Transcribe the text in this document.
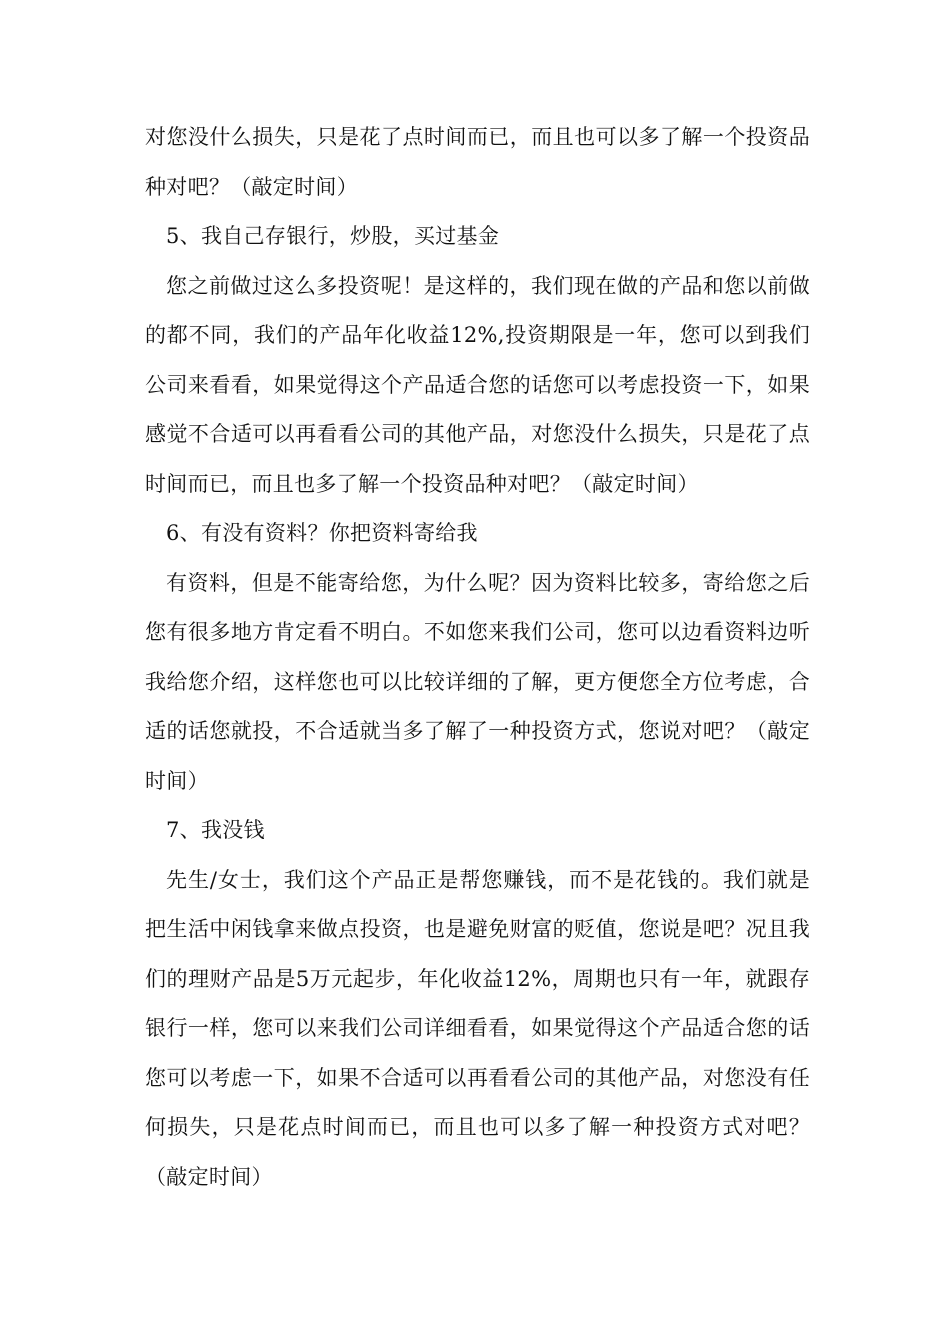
对您没什么损失，只是花了点时间而已，而且也可以多了解一个投资品种对吧？（敲定时间）

5、我自己存银行，炒股，买过基金

您之前做过这么多投资呢！是这样的，我们现在做的产品和您以前做的都不同，我们的产品年化收益12%,投资期限是一年，您可以到我们公司来看看，如果觉得这个产品适合您的话您可以考虑投资一下，如果感觉不合适可以再看看公司的其他产品，对您没什么损失，只是花了点时间而已，而且也多了解一个投资品种对吧？（敲定时间）

6、有没有资料？你把资料寄给我

有资料，但是不能寄给您，为什么呢？因为资料比较多，寄给您之后您有很多地方肯定看不明白。不如您来我们公司，您可以边看资料边听我给您介绍，这样您也可以比较详细的了解，更方便您全方位考虑，合适的话您就投，不合适就当多了解了一种投资方式，您说对吧？（敲定时间）

7、我没钱

先生/女士，我们这个产品正是帮您赚钱，而不是花钱的。我们就是把生活中闲钱拿来做点投资，也是避免财富的贬值，您说是吧？况且我们的理财产品是5万元起步，年化收益12%，周期也只有一年，就跟存银行一样，您可以来我们公司详细看看，如果觉得这个产品适合您的话您可以考虑一下，如果不合适可以再看看公司的其他产品，对您没有任何损失，只是花点时间而已，而且也可以多了解一种投资方式对吧？（敲定时间）
